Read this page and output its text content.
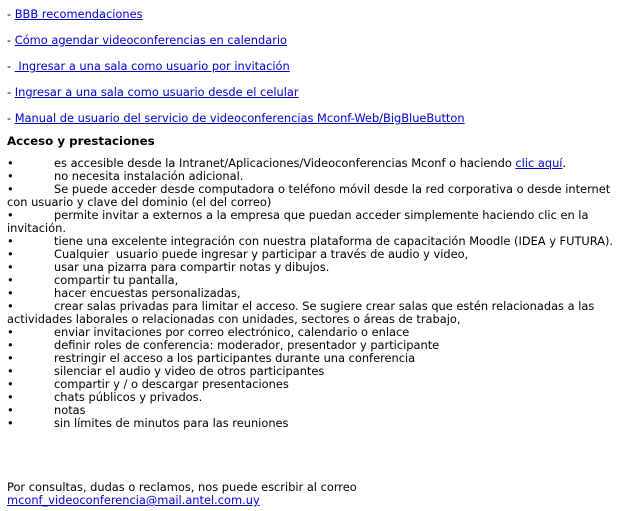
- BBB recomendaciones
- Cómo agendar videoconferencias en calendario
-  Ingresar a una sala como usuario por invitación
- Ingresar a una sala como usuario desde el celular
- Manual de usuario del servicio de videoconferencias Mconf-Web/BigBlueButton
Acceso y prestaciones

•	es accesible desde la Intranet/Aplicaciones/Videoconferencias Mconf o haciendo clic aquí.

•	no necesita instalación adicional.

•	Se puede acceder desde computadora o teléfono móvil desde la red corporativa o desde internet con usuario y clave del dominio (el del correo)

•	permite invitar a externos a la empresa que puedan acceder simplemente haciendo clic en la invitación.

•	tiene una excelente integración con nuestra plataforma de capacitación Moodle (IDEA y FUTURA).

•	Cualquier  usuario puede ingresar y participar a través de audio y video,

•	usar una pizarra para compartir notas y dibujos.

•	compartir tu pantalla,

•	hacer encuestas personalizadas,

•	crear salas privadas para limitar el acceso. Se sugiere crear salas que estén relacionadas a las actividades laborales o relacionadas con unidades, sectores o áreas de trabajo,

•	enviar invitaciones por correo electrónico, calendario o enlace

•	definir roles de conferencia: moderador, presentador y participante

•	restringir el acceso a los participantes durante una conferencia

•	silenciar el audio y video de otros participantes

•	compartir y / o descargar presentaciones

•	chats públicos y privados.

•	notas

•	sin límites de minutos para las reuniones

Por consultas, dudas o reclamos, nos puede escribir al correo
mconf_videoconferencia@mail.antel.com.uy
